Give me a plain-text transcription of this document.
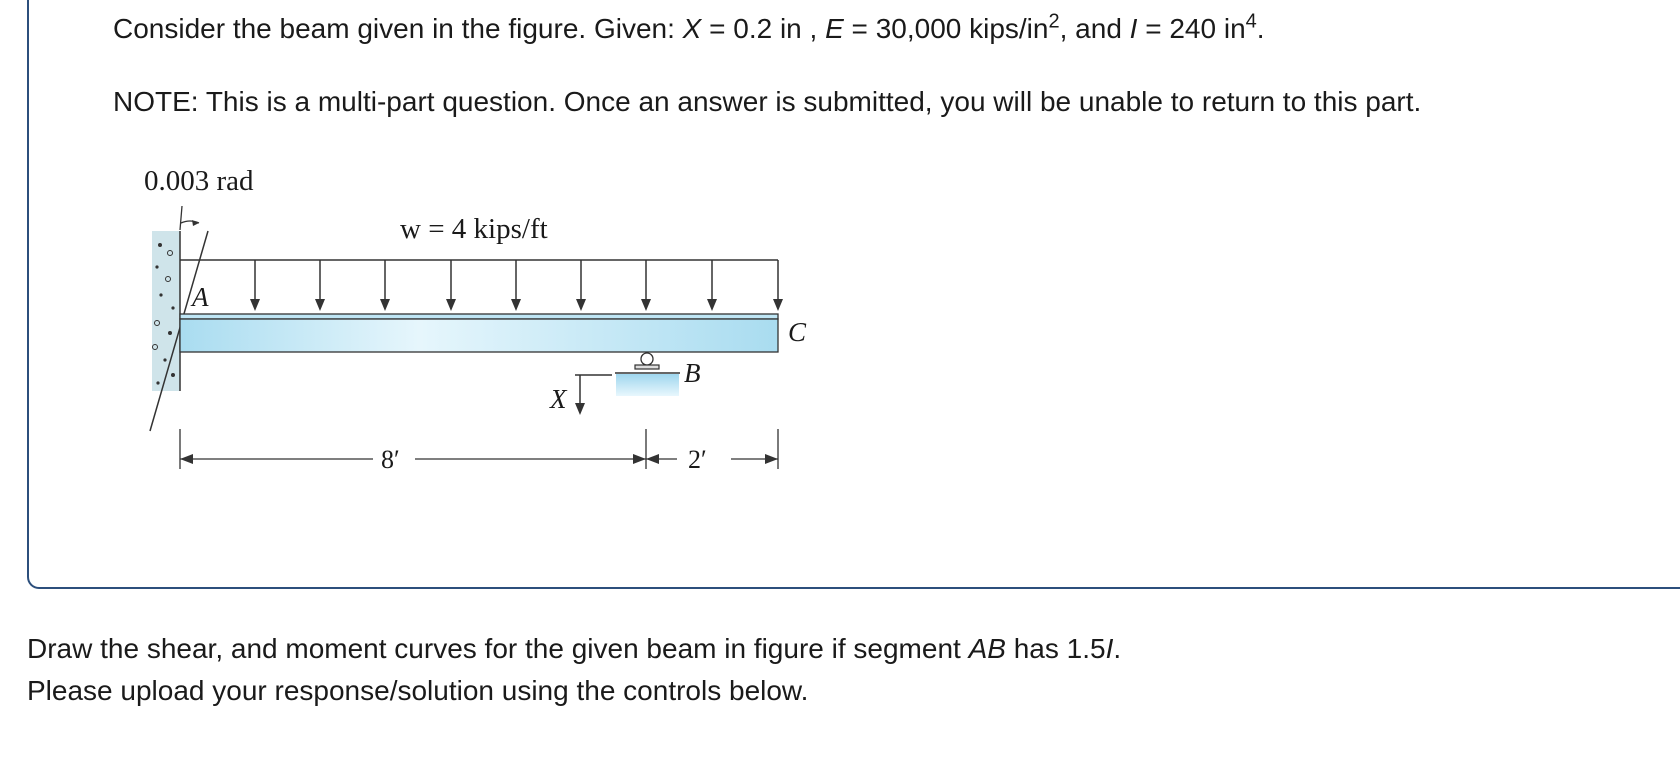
Consider the beam given in the figure. Given: X = 0.2 in , E = 30,000 kips/$in^2$, and I = 240 $in^4$.
NOTE: This is a multi-part question. Once an answer is submitted, you will be unable to return to this part.
0.003 rad
w = 4 kips/ft
A
C
B
X
8′	2′
Draw the shear, and moment curves for the given beam in figure if segment AB has 1.5I.
Please upload your response/solution using the controls below.
